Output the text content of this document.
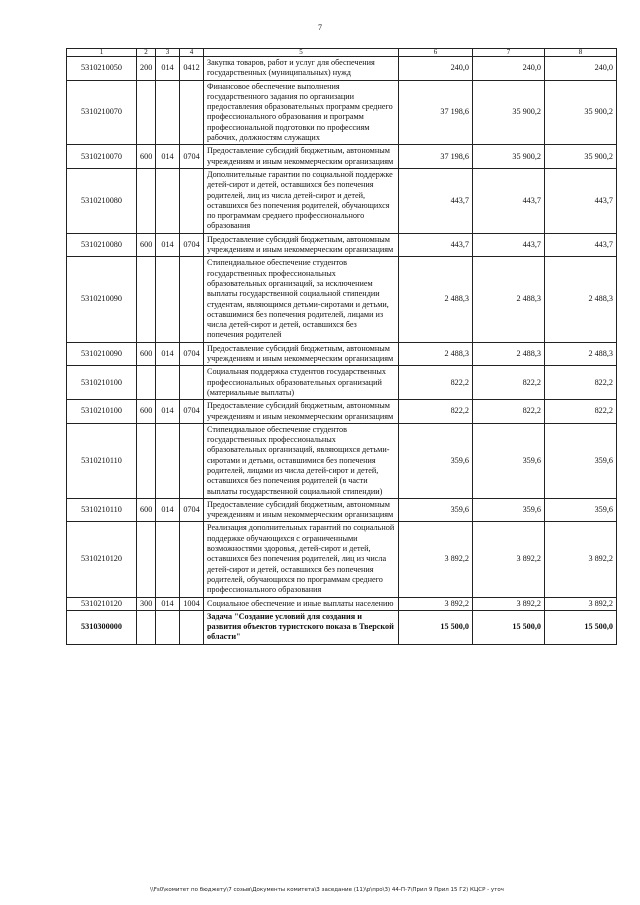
7
1	2	3	4	5	6	7	8
5310210050	200	014	0412	Закупка товаров, работ и услуг для обеспечения государственных (муниципальных) нужд	240,0	240,0	240,0
5310210070				Финансовое обеспечение выполнения государственного задания по организации предоставления образовательных программ среднего профессионального образования и программ профессиональной подготовки по профессиям рабочих, должностям служащих	37 198,6	35 900,2	35 900,2
5310210070	600	014	0704	Предоставление субсидий бюджетным, автономным учреждениям и иным некоммерческим организациям	37 198,6	35 900,2	35 900,2
5310210080				Дополнительные гарантии по социальной поддержке детей-сирот и детей, оставшихся без попечения родителей, лиц из числа детей-сирот и детей, оставшихся без попечения родителей, обучающихся по программам среднего профессионального образования	443,7	443,7	443,7
5310210080	600	014	0704	Предоставление субсидий бюджетным, автономным учреждениям и иным некоммерческим организациям	443,7	443,7	443,7
5310210090				Стипендиальное обеспечение студентов государственных профессиональных образовательных организаций, за исключением выплаты государственной социальной стипендии студентам, являющимся детьми-сиротами и детьми, оставшимися без попечения родителей, лицами из числа детей-сирот и детей, оставшихся без попечения родителей	2 488,3	2 488,3	2 488,3
5310210090	600	014	0704	Предоставление субсидий бюджетным, автономным учреждениям и иным некоммерческим организациям	2 488,3	2 488,3	2 488,3
5310210100				Социальная поддержка студентов государственных профессиональных образовательных организаций (материальные выплаты)	822,2	822,2	822,2
5310210100	600	014	0704	Предоставление субсидий бюджетным, автономным учреждениям и иным некоммерческим организациям	822,2	822,2	822,2
5310210110				Стипендиальное обеспечение студентов государственных профессиональных образовательных организаций, являющихся детьми-сиротами и детьми, оставшимися без попечения родителей, лицами из числа детей-сирот и детей, оставшихся без попечения родителей (в части выплаты государственной социальной стипендии)	359,6	359,6	359,6
5310210110	600	014	0704	Предоставление субсидий бюджетным, автономным учреждениям и иным некоммерческим организациям	359,6	359,6	359,6
5310210120				Реализация дополнительных гарантий по социальной поддержке обучающихся с ограниченными возможностями здоровья, детей-сирот и детей, оставшихся без попечения родителей, лиц из числа детей-сирот и детей, оставшихся без попечения родителей, обучающихся по программам среднего профессионального образования	3 892,2	3 892,2	3 892,2
5310210120	300	014	1004	Социальное обеспечение и иные выплаты населению	3 892,2	3 892,2	3 892,2
5310300000				Задача "Создание условий для создания и развития объектов туристского показа в Тверской области"	15 500,0	15 500,0	15 500,0
\\Fs0\комитет по бюджету\7 созыв\Документы комитета\3 заседание (11)\р\про\3) 44-П-7\Прил 9 Прил 15 Г2) КЦСР - уточ
